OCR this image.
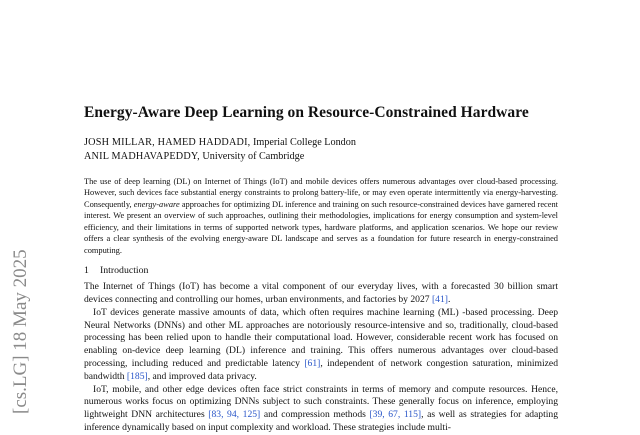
[cs.LG] 18 May 2025
Energy-Aware Deep Learning on Resource-Constrained Hardware
JOSH MILLAR, HAMED HADDADI, Imperial College London
ANIL MADHAVAPEDDY, University of Cambridge
The use of deep learning (DL) on Internet of Things (IoT) and mobile devices offers numerous advantages over cloud-based processing. However, such devices face substantial energy constraints to prolong battery-life, or may even operate intermittently via energy-harvesting. Consequently, energy-aware approaches for optimizing DL inference and training on such resource-constrained devices have garnered recent interest. We present an overview of such approaches, outlining their methodologies, implications for energy consumption and system-level efficiency, and their limitations in terms of supported network types, hardware platforms, and application scenarios. We hope our review offers a clear synthesis of the evolving energy-aware DL landscape and serves as a foundation for future research in energy-constrained computing.
1 Introduction

The Internet of Things (IoT) has become a vital component of our everyday lives, with a forecasted 30 billion smart devices connecting and controlling our homes, urban environments, and factories by 2027 [41].

IoT devices generate massive amounts of data, which often requires machine learning (ML) -based processing. Deep Neural Networks (DNNs) and other ML approaches are notoriously resource-intensive and so, traditionally, cloud-based processing has been relied upon to handle their computational load. However, considerable recent work has focused on enabling on-device deep learning (DL) inference and training. This offers numerous advantages over cloud-based processing, including reduced and predictable latency [61], independent of network congestion saturation, minimized bandwidth [185], and improved data privacy.

IoT, mobile, and other edge devices often face strict constraints in terms of memory and compute resources. Hence, numerous works focus on optimizing DNNs subject to such constraints. These generally focus on inference, employing lightweight DNN architectures [83, 94, 125] and compression methods [39, 67, 115], as well as strategies for adapting inference dynamically based on input complexity and workload. These strategies include multi-
